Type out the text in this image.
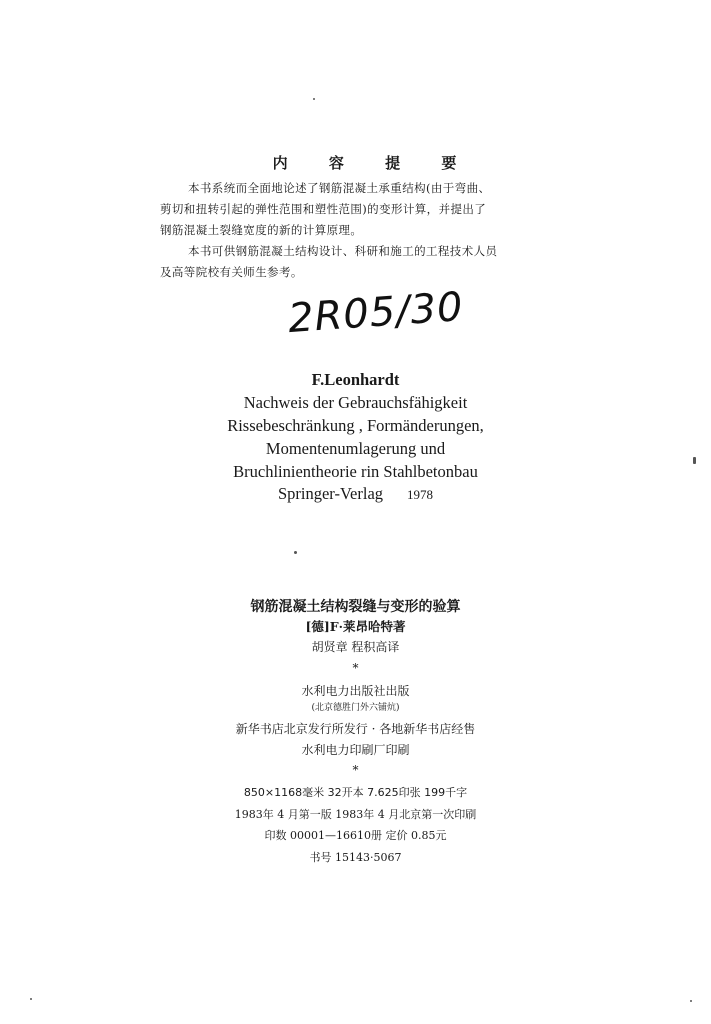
内 容 提 要
本书系统而全面地论述了钢筋混凝土承重结构(由于弯曲、
剪切和扭转引起的弹性范围和塑性范围)的变形计算，并提出了
钢筋混凝土裂缝宽度的新的计算原理。
本书可供钢筋混凝土结构设计、科研和施工的工程技术人员
及高等院校有关师生参考。
2R05/30
F.Leonhardt
Nachweis der Gebrauchsfähigkeit
Rissebeschränkung , Formänderungen,
Momentenumlagerung und
Bruchlinientheorie rin Stahlbetonbau
Springer-Verlag 1978
钢筋混凝土结构裂缝与变形的验算
[德]F·莱昂哈特著
胡贤章 程积高译
*
水利电力出版社出版
(北京德胜门外六铺炕)
新华书店北京发行所发行 · 各地新华书店经售
水利电力印刷厂印刷
*
850×1168毫米 32开本 7.625印张 199千字
1983年 4 月第一版 1983年 4 月北京第一次印刷
印数 00001—16610册 定价 0.85元
书号 15143·5067
